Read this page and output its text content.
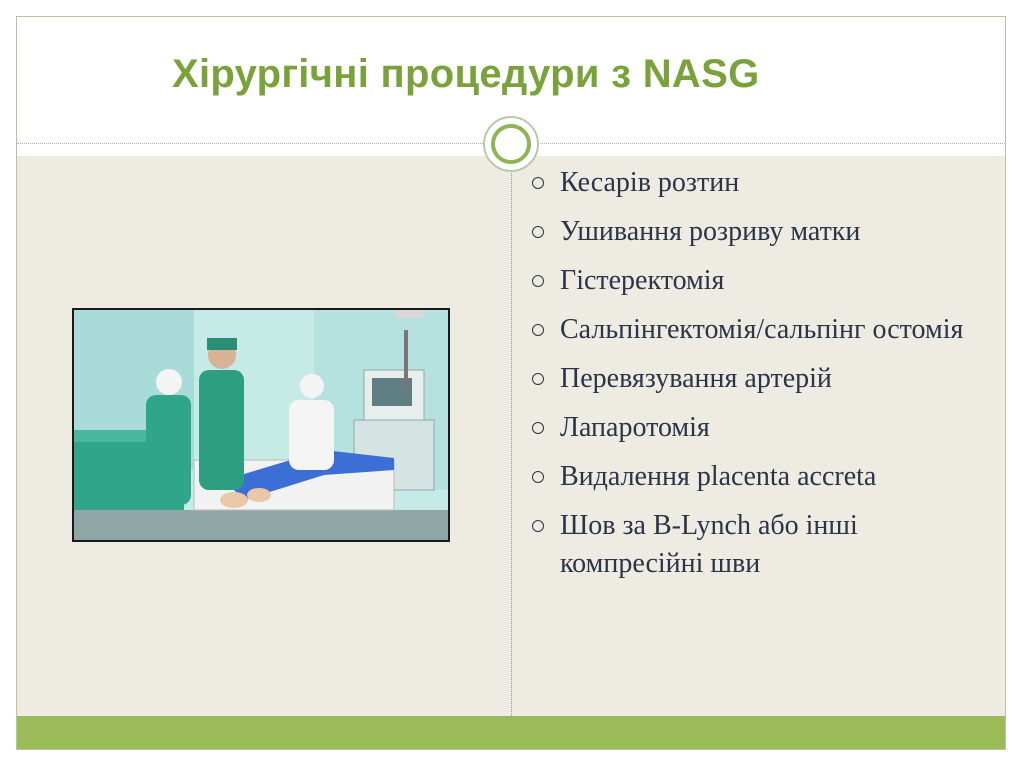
Хірургічні процедури з NASG
Кесарів розтин
Ушивання розриву матки
Гістеректомія
Сальпінгектомія/сальпінг остомія
Перевязування артерій
Лапаротомія
Видалення placenta accreta
Шов за B-Lynch або інші компресійні шви
